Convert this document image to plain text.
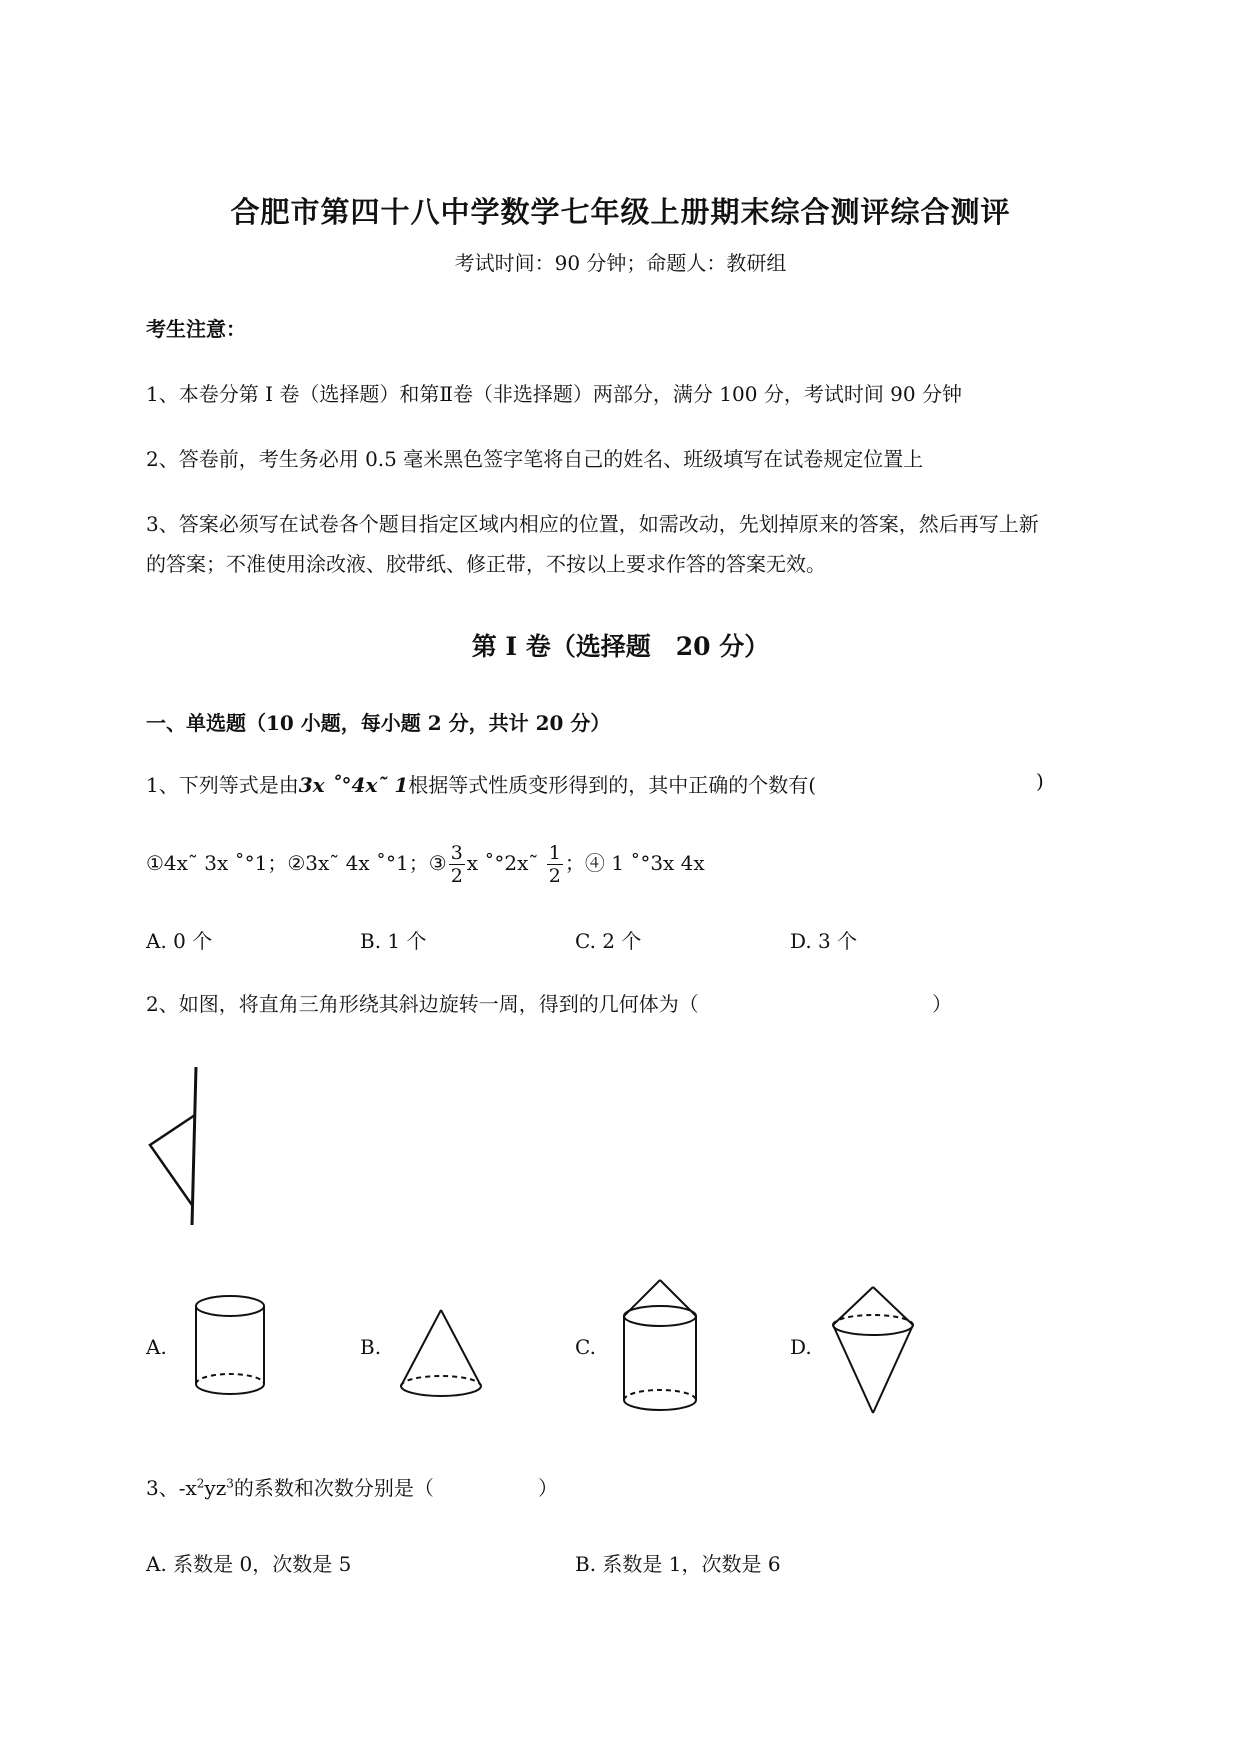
合肥市第四十八中学数学七年级上册期末综合测评综合测评
考试时间：90 分钟；命题人：教研组
考生注意：
1、本卷分第 I 卷（选择题）和第Ⅱ卷（非选择题）两部分，满分 100 分，考试时间 90 分钟
2、答卷前，考生务必用 0.5 毫米黑色签字笔将自己的姓名、班级填写在试卷规定位置上
3、答案必须写在试卷各个题目指定区域内相应的位置，如需改动，先划掉原来的答案，然后再写上新
的答案；不准使用涂改液、胶带纸、修正带，不按以上要求作答的答案无效。
第 I 卷（选择题　20 分）
一、单选题（10 小题，每小题 2 分，共计 20 分）
1、下列等式是由3x ˚°4x˜ 1根据等式性质变形得到的，其中正确的个数有(	)
①4x˜ 3x ˚°1；②3x˜ 4x ˚°1；③ $\frac{3}{2}$ x ˚°2x˜ $\frac{1}{2}$ ；④ 1 ˚°3x 4x
A. 0 个	B. 1 个	C. 2 个	D. 3 个
2、如图，将直角三角形绕其斜边旋转一周，得到的几何体为（	）
A.	B.	C.	D.
3、$-x^2yz^3$的系数和次数分别是（	）
A. 系数是 0，次数是 5	B. 系数是 1，次数是 6
